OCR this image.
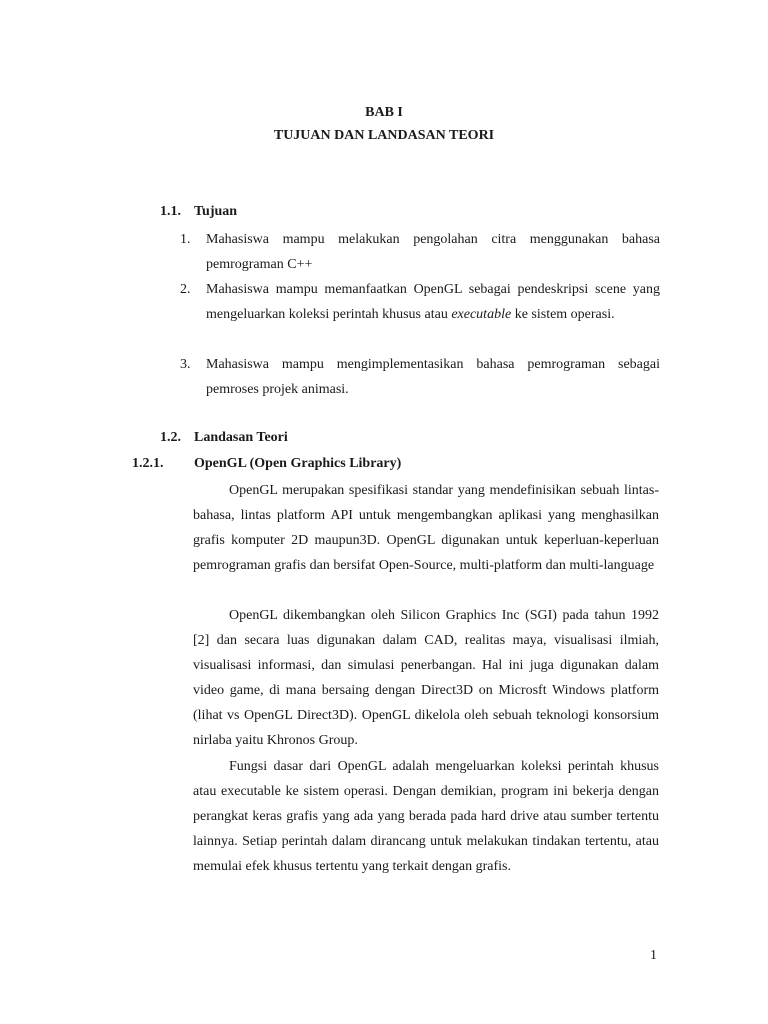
BAB I
TUJUAN DAN LANDASAN TEORI
1.1. Tujuan
1. Mahasiswa mampu melakukan pengolahan citra menggunakan bahasa pemrograman C++
2. Mahasiswa mampu memanfaatkan OpenGL sebagai pendeskripsi scene yang mengeluarkan koleksi perintah khusus atau executable ke sistem operasi.
3. Mahasiswa mampu mengimplementasikan bahasa pemrograman sebagai pemroses projek animasi.
1.2. Landasan Teori
1.2.1. OpenGL (Open Graphics Library)
OpenGL merupakan spesifikasi standar yang mendefinisikan sebuah lintas-bahasa, lintas platform API untuk mengembangkan aplikasi yang menghasilkan grafis komputer 2D maupun3D. OpenGL digunakan untuk keperluan-keperluan pemrograman grafis dan bersifat Open-Source, multi-platform dan multi-language
OpenGL dikembangkan oleh Silicon Graphics Inc (SGI) pada tahun 1992 [2] dan secara luas digunakan dalam CAD, realitas maya, visualisasi ilmiah, visualisasi informasi, dan simulasi penerbangan. Hal ini juga digunakan dalam video game, di mana bersaing dengan Direct3D on Microsft Windows platform (lihat vs OpenGL Direct3D). OpenGL dikelola oleh sebuah teknologi konsorsium nirlaba yaitu Khronos Group.
Fungsi dasar dari OpenGL adalah mengeluarkan koleksi perintah khusus atau executable ke sistem operasi. Dengan demikian, program ini bekerja dengan perangkat keras grafis yang ada yang berada pada hard drive atau sumber tertentu lainnya. Setiap perintah dalam dirancang untuk melakukan tindakan tertentu, atau memulai efek khusus tertentu yang terkait dengan grafis.
1
